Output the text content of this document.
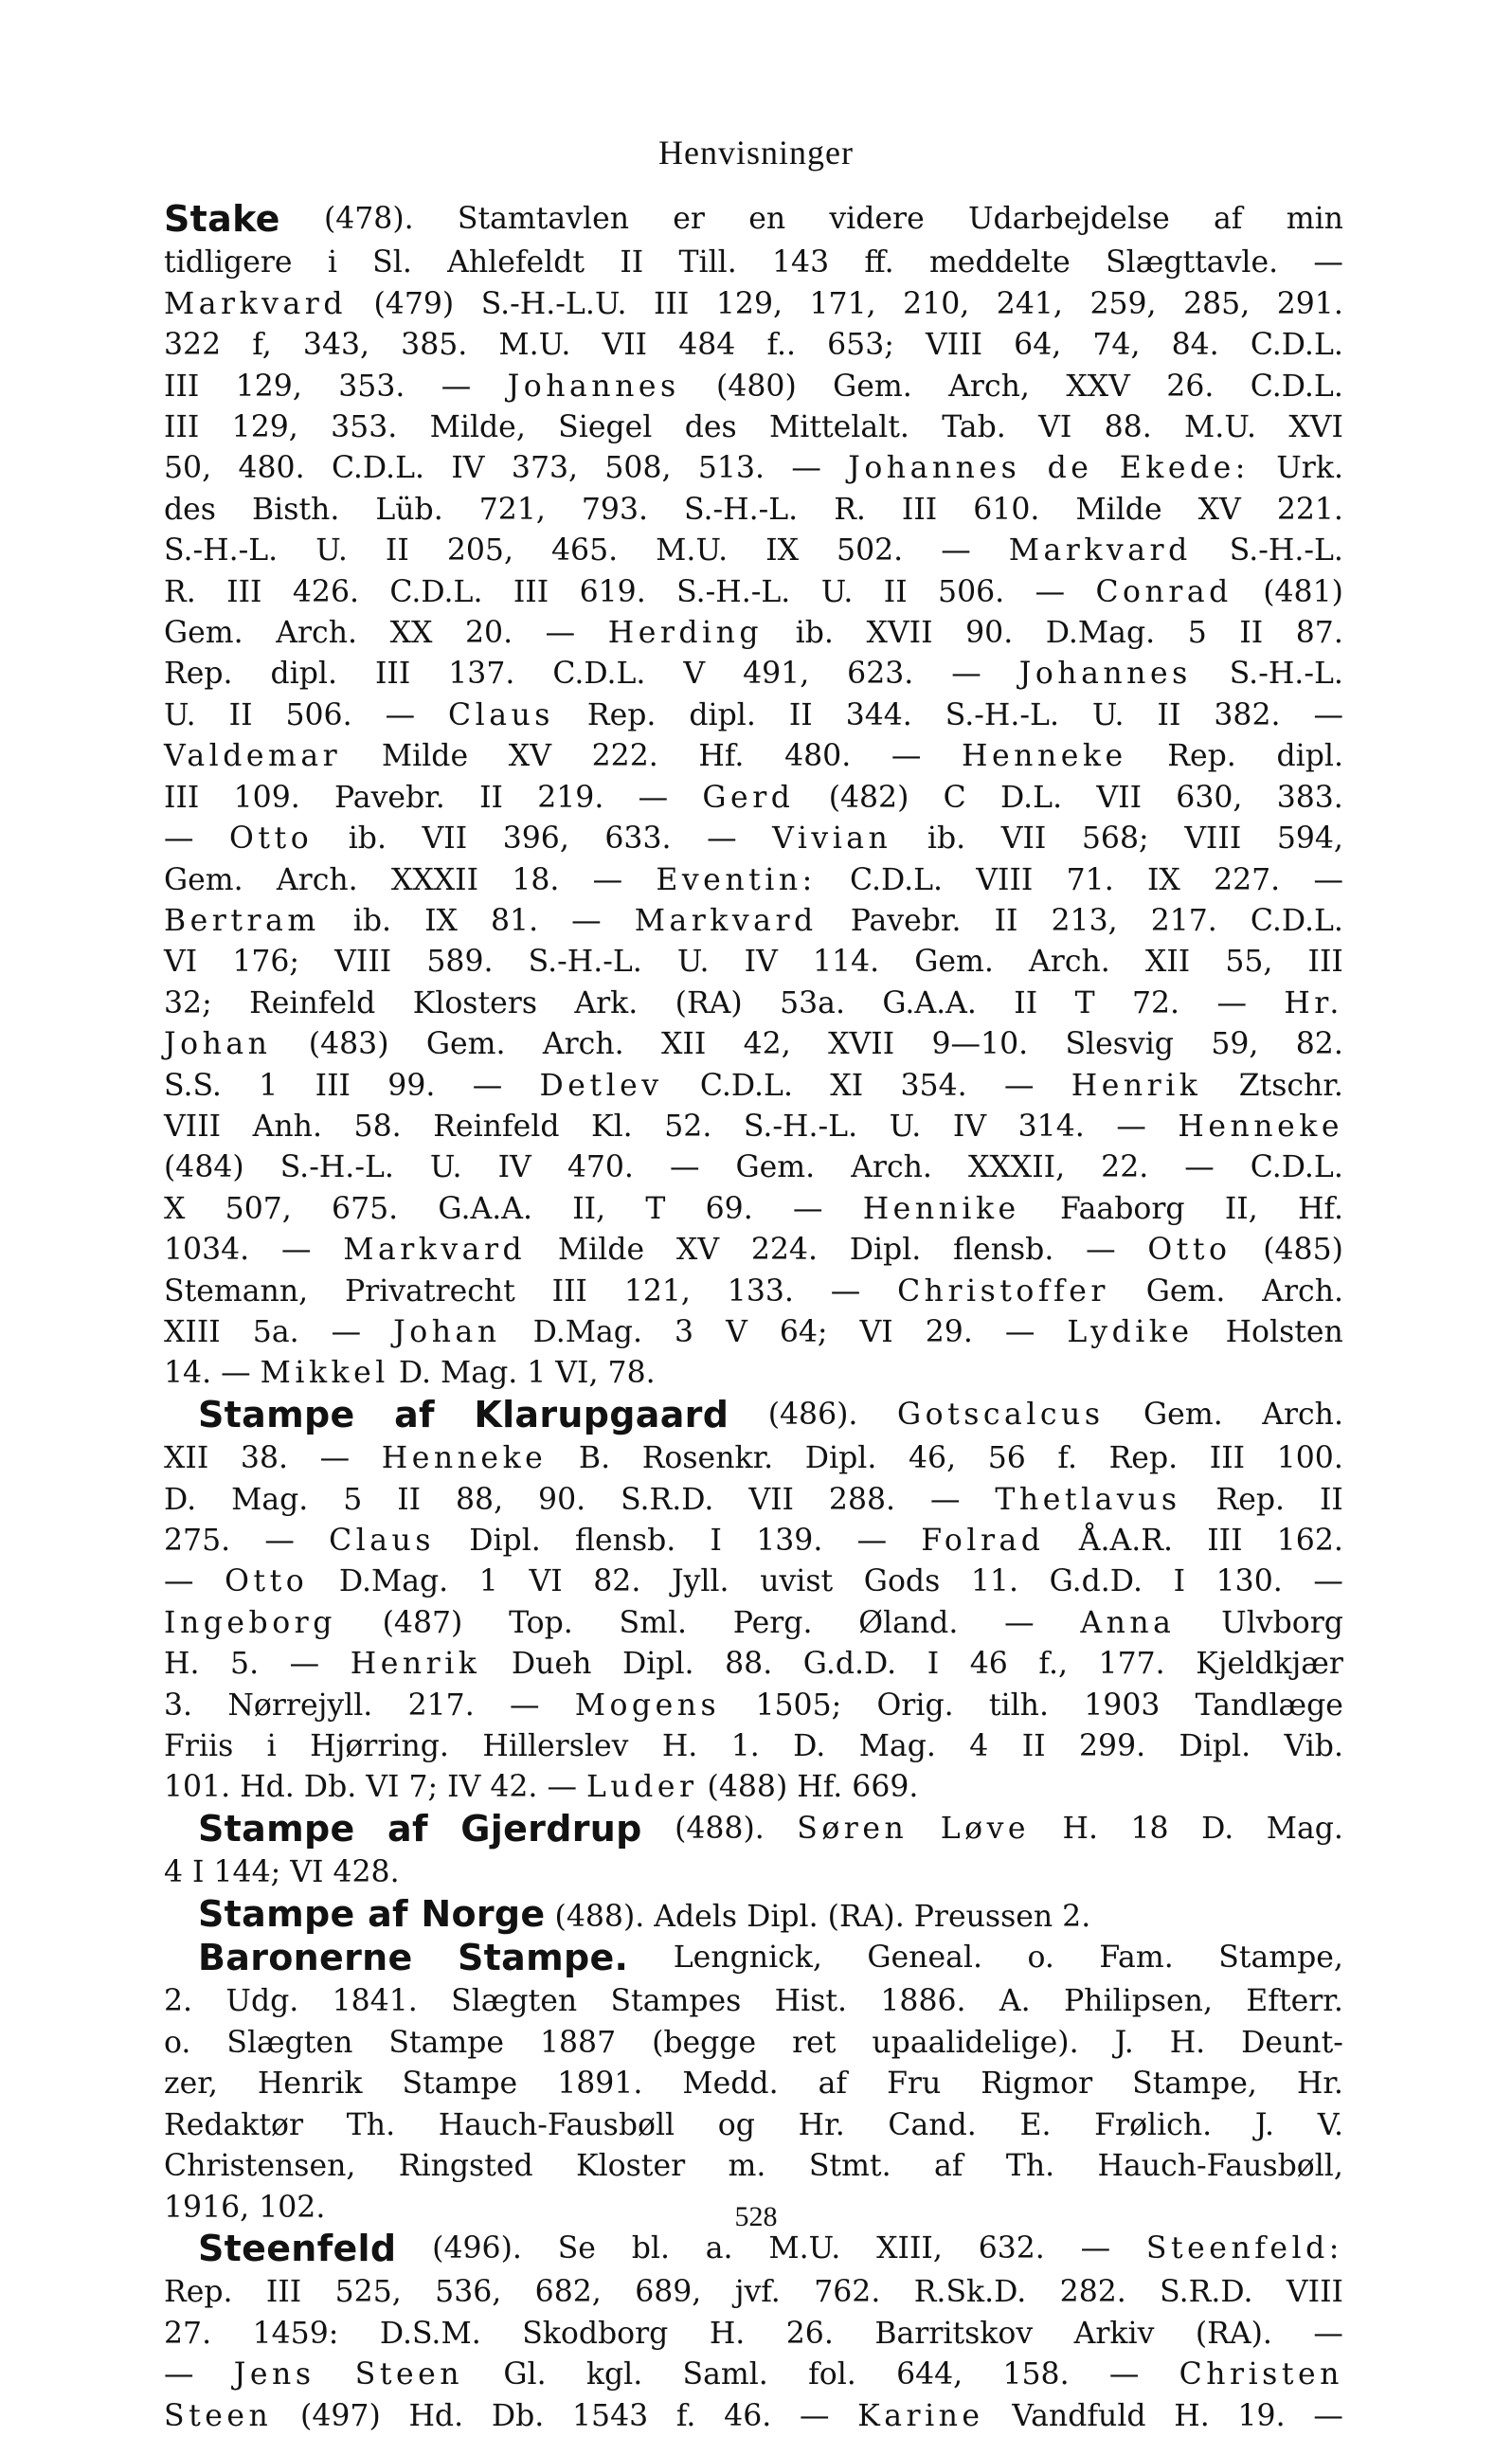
Henvisninger
Stake (478). Stamtavlen er en videre Udarbejdelse af min
tidligere i Sl. Ahlefeldt II Till. 143 ff. meddelte Slægttavle. —
Markvard (479) S.-H.-L.U. III 129, 171, 210, 241, 259, 285, 291.
322 f, 343, 385. M.U. VII 484 f.. 653; VIII 64, 74, 84. C.D.L.
III 129, 353. — Johannes (480) Gem. Arch, XXV 26. C.D.L.
III 129, 353. Milde, Siegel des Mittelalt. Tab. VI 88. M.U. XVI
50, 480. C.D.L. IV 373, 508, 513. — Johannes de Ekede: Urk.
des Bisth. Lüb. 721, 793. S.-H.-L. R. III 610. Milde XV 221.
S.-H.-L. U. II 205, 465. M.U. IX 502. — Markvard S.-H.-L.
R. III 426. C.D.L. III 619. S.-H.-L. U. II 506. — Conrad (481)
Gem. Arch. XX 20. — Herding ib. XVII 90. D.Mag. 5 II 87.
Rep. dipl. III 137. C.D.L. V 491, 623. — Johannes S.-H.-L.
U. II 506. — Claus Rep. dipl. II 344. S.-H.-L. U. II 382. —
Valdemar Milde XV 222. Hf. 480. — Henneke Rep. dipl.
III 109. Pavebr. II 219. — Gerd (482) C D.L. VII 630, 383.
— Otto ib. VII 396, 633. — Vivian ib. VII 568; VIII 594,
Gem. Arch. XXXII 18. — Eventin: C.D.L. VIII 71. IX 227. —
Bertram ib. IX 81. — Markvard Pavebr. II 213, 217. C.D.L.
VI 176; VIII 589. S.-H.-L. U. IV 114. Gem. Arch. XII 55, III
32; Reinfeld Klosters Ark. (RA) 53a. G.A.A. II T 72. — Hr.
Johan (483) Gem. Arch. XII 42, XVII 9—10. Slesvig 59, 82.
S.S. 1 III 99. — Detlev C.D.L. XI 354. — Henrik Ztschr.
VIII Anh. 58. Reinfeld Kl. 52. S.-H.-L. U. IV 314. — Henneke
(484) S.-H.-L. U. IV 470. — Gem. Arch. XXXII, 22. — C.D.L.
X 507, 675. G.A.A. II, T 69. — Hennike Faaborg II, Hf.
1034. — Markvard Milde XV 224. Dipl. flensb. — Otto (485)
Stemann, Privatrecht III 121, 133. — Christoffer Gem. Arch.
XIII 5a. — Johan D.Mag. 3 V 64; VI 29. — Lydike Holsten
14. — Mikkel D. Mag. 1 VI, 78.
Stampe af Klarupgaard (486). Gotscalcus Gem. Arch.
XII 38. — Henneke B. Rosenkr. Dipl. 46, 56 f. Rep. III 100.
D. Mag. 5 II 88, 90. S.R.D. VII 288. — Thetlavus Rep. II
275. — Claus Dipl. flensb. I 139. — Folrad Å.A.R. III 162.
— Otto D.Mag. 1 VI 82. Jyll. uvist Gods 11. G.d.D. I 130. —
Ingeborg (487) Top. Sml. Perg. Øland. — Anna Ulvborg
H. 5. — Henrik Dueh Dipl. 88. G.d.D. I 46 f., 177. Kjeldkjær
3. Nørrejyll. 217. — Mogens 1505; Orig. tilh. 1903 Tandlæge
Friis i Hjørring. Hillerslev H. 1. D. Mag. 4 II 299. Dipl. Vib.
101. Hd. Db. VI 7; IV 42. — Luder (488) Hf. 669.
Stampe af Gjerdrup (488). Søren Løve H. 18 D. Mag.
4 I 144; VI 428.
Stampe af Norge (488). Adels Dipl. (RA). Preussen 2.
Baronerne Stampe. Lengnick, Geneal. o. Fam. Stampe,
2. Udg. 1841. Slægten Stampes Hist. 1886. A. Philipsen, Efterr.
o. Slægten Stampe 1887 (begge ret upaalidelige). J. H. Deunt-
zer, Henrik Stampe 1891. Medd. af Fru Rigmor Stampe, Hr.
Redaktør Th. Hauch-Fausbøll og Hr. Cand. E. Frølich. J. V.
Christensen, Ringsted Kloster m. Stmt. af Th. Hauch-Fausbøll,
1916, 102.
Steenfeld (496). Se bl. a. M.U. XIII, 632. — Steenfeld:
Rep. III 525, 536, 682, 689, jvf. 762. R.Sk.D. 282. S.R.D. VIII
27. 1459: D.S.M. Skodborg H. 26. Barritskov Arkiv (RA). —
— Jens Steen Gl. kgl. Saml. fol. 644, 158. — Christen
Steen (497) Hd. Db. 1543 f. 46. — Karine Vandfuld H. 19. —
528
